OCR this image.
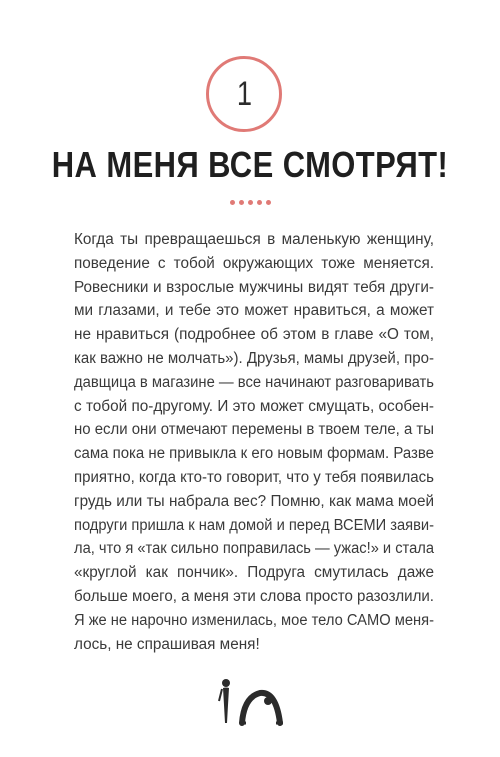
1
НА МЕНЯ ВСЕ СМОТРЯТ!
Когда ты превращаешься в маленькую женщину,
поведение с тобой окружающих тоже меняется.
Ровесники и взрослые мужчины видят тебя други-
ми глазами, и тебе это может нравиться, а может
не нравиться (подробнее об этом в главе «О том,
как важно не молчать»). Друзья, мамы друзей, про-
давщица в магазине — все начинают разговаривать
с тобой по-другому. И это может смущать, особен-
но если они отмечают перемены в твоем теле, а ты
сама пока не привыкла к его новым формам. Разве
приятно, когда кто-то говорит, что у тебя появилась
грудь или ты набрала вес? Помню, как мама моей
подруги пришла к нам домой и перед ВСЕМИ заяви-
ла, что я «так сильно поправилась — ужас!» и стала
«круглой как пончик». Подруга смутилась даже
больше моего, а меня эти слова просто разозлили.
Я же не нарочно изменилась, мое тело САМО меня-
лось, не спрашивая меня!
